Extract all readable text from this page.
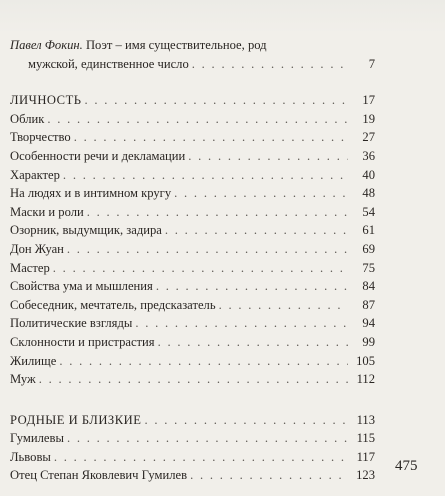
Павел Фокин. Поэт – имя существительное, род
мужской, единственное число . . .	7
ЛИЧНОСТЬ . . .	17
Облик . . .	19
Творчество . . .	27
Особенности речи и декламации . . .	36
Характер . . .	40
На людях и в интимном кругу . . .	48
Маски и роли . . .	54
Озорник, выдумщик, задира . . .	61
Дон Жуан . . .	69
Мастер . . .	75
Свойства ума и мышления . . .	84
Собеседник, мечтатель, предсказатель . . .	87
Политические взгляды . . .	94
Склонности и пристрастия . . .	99
Жилище . . .	105
Муж . . .	112
РОДНЫЕ И БЛИЗКИЕ . . .	113
Гумилевы . . .	115
Львовы . . .	117
Отец Степан Яковлевич Гумилев . . .	123
475
